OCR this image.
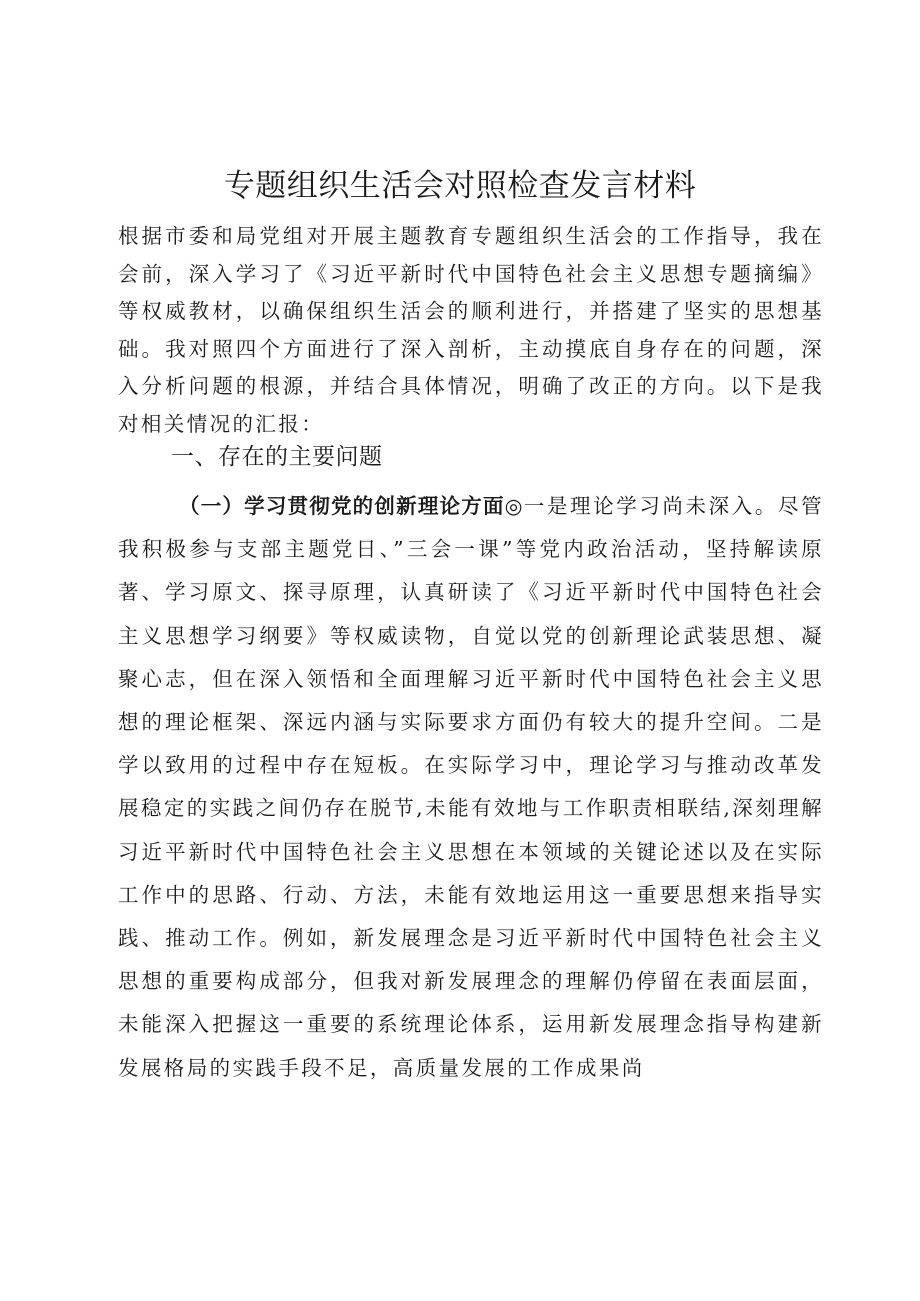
专题组织生活会对照检查发言材料

根据市委和局党组对开展主题教育专题组织生活会的工作指导，我在会前，深入学习了《习近平新时代中国特色社会主义思想专题摘编》等权威教材，以确保组织生活会的顺利进行，并搭建了坚实的思想基础。我对照四个方面进行了深入剖析，主动摸底自身存在的问题，深入分析问题的根源，并结合具体情况，明确了改正的方向。以下是我对相关情况的汇报：

一、存在的主要问题

（一）学习贯彻党的创新理论方面◎一是理论学习尚未深入。尽管我积极参与支部主题党日、”三会一课”等党内政治活动，坚持解读原著、学习原文、探寻原理，认真研读了《习近平新时代中国特色社会主义思想学习纲要》等权威读物，自觉以党的创新理论武装思想、凝聚心志，但在深入领悟和全面理解习近平新时代中国特色社会主义思想的理论框架、深远内涵与实际要求方面仍有较大的提升空间。二是学以致用的过程中存在短板。在实际学习中，理论学习与推动改革发展稳定的实践之间仍存在脱节,未能有效地与工作职责相联结,深刻理解习近平新时代中国特色社会主义思想在本领域的关键论述以及在实际工作中的思路、行动、方法，未能有效地运用这一重要思想来指导实践、推动工作。例如，新发展理念是习近平新时代中国特色社会主义思想的重要构成部分，但我对新发展理念的理解仍停留在表面层面，未能深入把握这一重要的系统理论体系，运用新发展理念指导构建新发展格局的实践手段不足，高质量发展的工作成果尚
